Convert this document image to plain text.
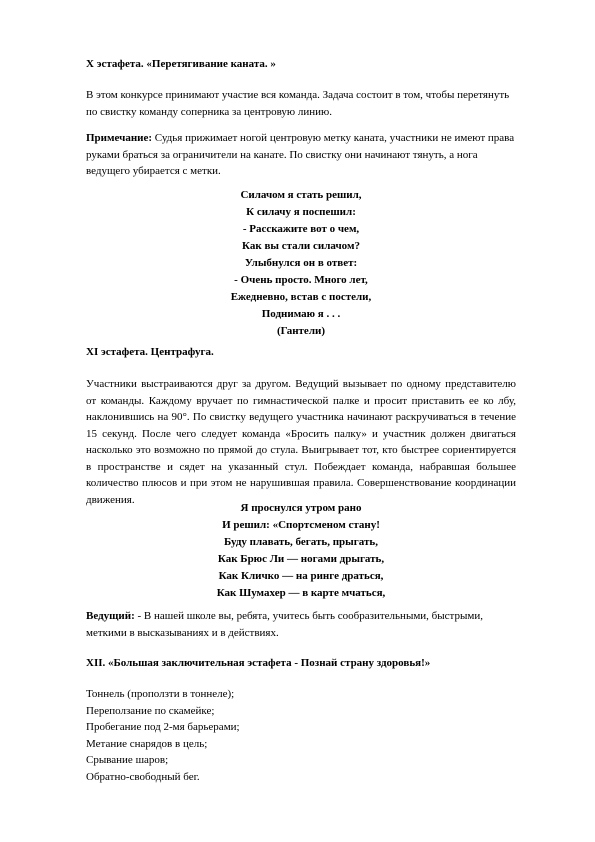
X эстафета. «Перетягивание каната. »
В этом конкурсе принимают участие вся команда. Задача состоит в том, чтобы перетянуть по свистку команду соперника за центровую линию.
Примечание: Судья прижимает ногой центровую метку каната, участники не имеют права руками браться за ограничители на канате. По свистку они начинают тянуть, а нога ведущего убирается с метки.
Силачом я стать решил,
К силачу я поспешил:
- Расскажите вот о чем,
Как вы стали силачом?
Улыбнулся он в ответ:
- Очень просто. Много лет,
Ежедневно, встав с постели,
Поднимаю я . . .
(Гантели)
XI эстафета. Центрафуга.
Участники выстраиваются друг за другом. Ведущий вызывает по одному представителю от команды. Каждому вручает по гимнастической палке и просит приставить ее ко лбу, наклонившись на 90°. По свистку ведущего участника начинают раскручиваться в течение 15 секунд. После чего следует команда «Бросить палку» и участник должен двигаться насколько это возможно по прямой до стула. Выигрывает тот, кто быстрее сориентируется в пространстве и сядет на указанный стул. Побеждает команда, набравшая большее количество плюсов и при этом не нарушившая правила. Совершенствование координации движения.
Я проснулся утром рано
И решил: «Спортсменом стану!
Буду плавать, бегать, прыгать,
Как Брюс Ли — ногами дрыгать,
Как Кличко — на ринге драться,
Как Шумахер — в карте мчаться,
Ведущий: - В нашей школе вы, ребята, учитесь быть сообразительными, быстрыми, меткими в высказываниях и в действиях.
XII. «Большая заключительная эстафета - Познай страну здоровья!»
Тоннель (проползти в тоннеле);
Переползание по скамейке;
Пробегание под 2-мя барьерами;
Метание снарядов в цель;
Срывание шаров;
Обратно-свободный бег.
